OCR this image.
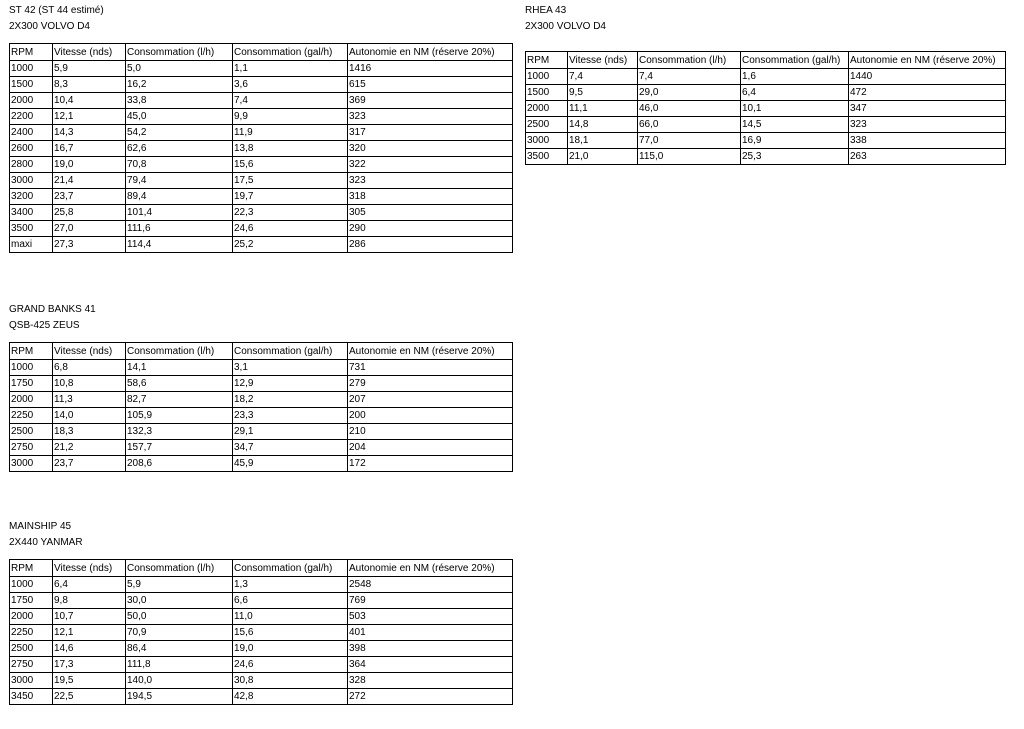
ST 42 (ST 44 estimé)
2X300 VOLVO D4
RPM	Vitesse (nds)	Consommation (l/h)	Consommation (gal/h)	Autonomie en NM (réserve 20%)
1000	5,9	5,0	1,1	1416
1500	8,3	16,2	3,6	615
2000	10,4	33,8	7,4	369
2200	12,1	45,0	9,9	323
2400	14,3	54,2	11,9	317
2600	16,7	62,6	13,8	320
2800	19,0	70,8	15,6	322
3000	21,4	79,4	17,5	323
3200	23,7	89,4	19,7	318
3400	25,8	101,4	22,3	305
3500	27,0	111,6	24,6	290
maxi	27,3	114,4	25,2	286
RHEA 43
2X300 VOLVO D4
RPM	Vitesse (nds)	Consommation (l/h)	Consommation (gal/h)	Autonomie en NM (réserve 20%)
1000	7,4	7,4	1,6	1440
1500	9,5	29,0	6,4	472
2000	11,1	46,0	10,1	347
2500	14,8	66,0	14,5	323
3000	18,1	77,0	16,9	338
3500	21,0	115,0	25,3	263
GRAND BANKS 41
QSB-425 ZEUS
RPM	Vitesse (nds)	Consommation (l/h)	Consommation (gal/h)	Autonomie en NM (réserve 20%)
1000	6,8	14,1	3,1	731
1750	10,8	58,6	12,9	279
2000	11,3	82,7	18,2	207
2250	14,0	105,9	23,3	200
2500	18,3	132,3	29,1	210
2750	21,2	157,7	34,7	204
3000	23,7	208,6	45,9	172
MAINSHIP 45
2X440 YANMAR
RPM	Vitesse (nds)	Consommation (l/h)	Consommation (gal/h)	Autonomie en NM (réserve 20%)
1000	6,4	5,9	1,3	2548
1750	9,8	30,0	6,6	769
2000	10,7	50,0	11,0	503
2250	12,1	70,9	15,6	401
2500	14,6	86,4	19,0	398
2750	17,3	111,8	24,6	364
3000	19,5	140,0	30,8	328
3450	22,5	194,5	42,8	272
